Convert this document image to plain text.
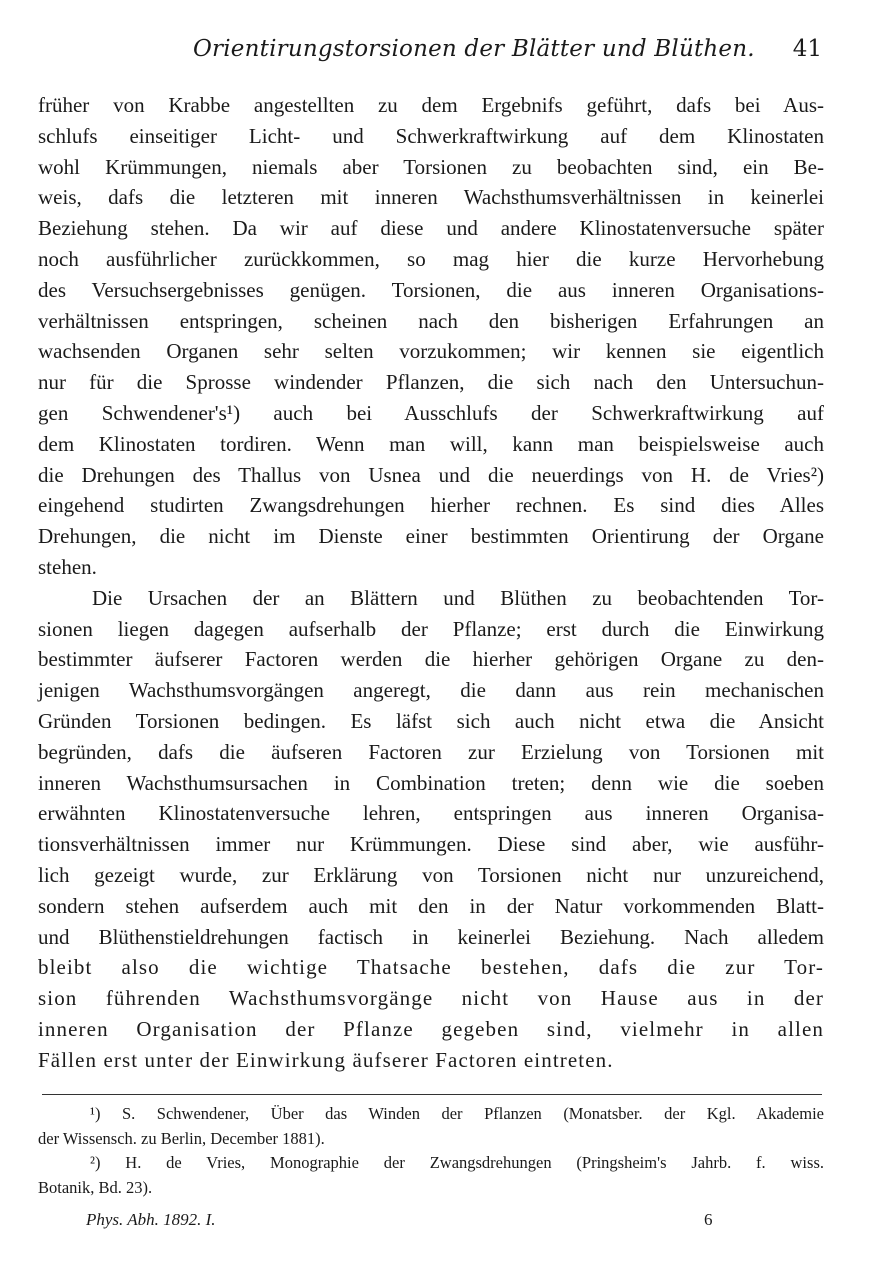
Orientirungstorsionen der Blätter und Blüthen. 41
früher von Krabbe angestellten zu dem Ergebnifs geführt, dafs bei Aus-
schlufs einseitiger Licht- und Schwerkraftwirkung auf dem Klinostaten
wohl Krümmungen, niemals aber Torsionen zu beobachten sind, ein Be-
weis, dafs die letzteren mit inneren Wachsthumsverhältnissen in keinerlei
Beziehung stehen. Da wir auf diese und andere Klinostatenversuche später
noch ausführlicher zurückkommen, so mag hier die kurze Hervorhebung
des Versuchsergebnisses genügen. Torsionen, die aus inneren Organisations-
verhältnissen entspringen, scheinen nach den bisherigen Erfahrungen an
wachsenden Organen sehr selten vorzukommen; wir kennen sie eigentlich
nur für die Sprosse windender Pflanzen, die sich nach den Untersuchun-
gen Schwendener's¹) auch bei Ausschlufs der Schwerkraftwirkung auf
dem Klinostaten tordiren. Wenn man will, kann man beispielsweise auch
die Drehungen des Thallus von Usnea und die neuerdings von H. de Vries²)
eingehend studirten Zwangsdrehungen hierher rechnen. Es sind dies Alles
Drehungen, die nicht im Dienste einer bestimmten Orientirung der Organe
stehen.
Die Ursachen der an Blättern und Blüthen zu beobachtenden Tor-
sionen liegen dagegen aufserhalb der Pflanze; erst durch die Einwirkung
bestimmter äufserer Factoren werden die hierher gehörigen Organe zu den-
jenigen Wachsthumsvorgängen angeregt, die dann aus rein mechanischen
Gründen Torsionen bedingen. Es läfst sich auch nicht etwa die Ansicht
begründen, dafs die äufseren Factoren zur Erzielung von Torsionen mit
inneren Wachsthumsursachen in Combination treten; denn wie die soeben
erwähnten Klinostatenversuche lehren, entspringen aus inneren Organisa-
tionsverhältnissen immer nur Krümmungen. Diese sind aber, wie ausführ-
lich gezeigt wurde, zur Erklärung von Torsionen nicht nur unzureichend,
sondern stehen aufserdem auch mit den in der Natur vorkommenden Blatt-
und Blüthenstieldrehungen factisch in keinerlei Beziehung. Nach alledem
bleibt also die wichtige Thatsache bestehen, dafs die zur Tor-
sion führenden Wachsthumsvorgänge nicht von Hause aus in der
inneren Organisation der Pflanze gegeben sind, vielmehr in allen
Fällen erst unter der Einwirkung äufserer Factoren eintreten.
¹) S. Schwendener, Über das Winden der Pflanzen (Monatsber. der Kgl. Akademie
der Wissensch. zu Berlin, December 1881).
²) H. de Vries, Monographie der Zwangsdrehungen (Pringsheim's Jahrb. f. wiss.
Botanik, Bd. 23).
Phys. Abh. 1892. I.	6
